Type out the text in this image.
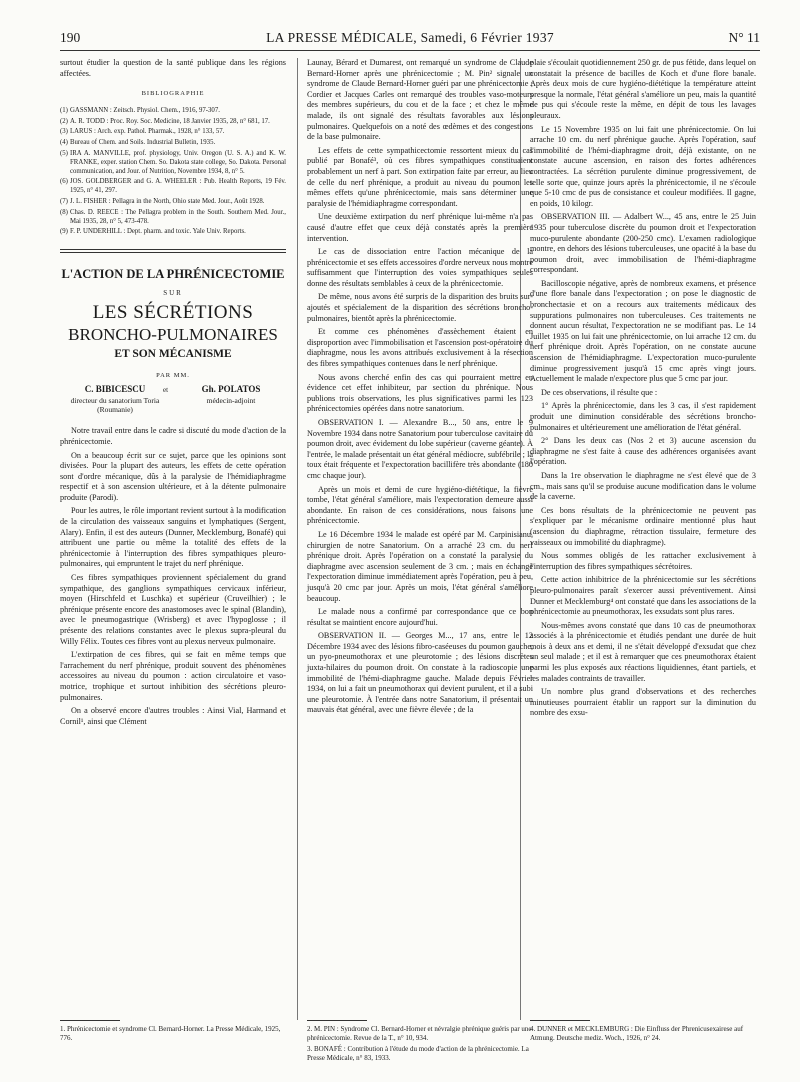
190	LA PRESSE MÉDICALE, Samedi, 6 Février 1937	N° 11

surtout étudier la question de la santé publique dans les régions affectées.

BIBLIOGRAPHIE

(1) GASSMANN : Zeitsch. Physiol. Chem., 1916, 97-307.

(2) A. R. TODD : Proc. Roy. Soc. Medicine, 18 Janvier 1935, 28, n° 681, 17.

(3) LARUS : Arch. exp. Pathol. Pharmak., 1928, n° 133, 57.

(4) Bureau of Chem. and Soils. Industrial Bulletin, 1935.

(5) IRA A. MANVILLE, prof. physiology, Univ. Oregon (U. S. A.) and K. W. FRANKE, exper. station Chem. So. Dakota state college, So. Dakota. Personal communication, and Jour. of Nutrition, Novembre 1934, 8, n° 5.

(6) JOS. GOLDBERGER and G. A. WHEELER : Pub. Health Reports, 19 Fév. 1925, n° 41, 297.

(7) J. L. FISHER : Pellagra in the North, Ohio state Med. Jour., Août 1928.

(8) Chas. D. REECE : The Pellagra problem in the South. Southern Med. Jour., Mai 1935, 28, n° 5, 473-478.

(9) F. P. UNDERHILL : Dept. pharm. and toxic. Yale Univ. Reports.

L'ACTION DE LA PHRÉNICECTOMIE
SUR
LES SÉCRÉTIONS
BRONCHO-PULMONAIRES
ET SON MÉCANISME
PAR MM.
C. BIBICESCU
directeur du sanatorium Toria (Roumanie)
et	Gh. POLATOS
médecin-adjoint

Notre travail entre dans le cadre si discuté du mode d'action de la phrénicectomie.

On a beaucoup écrit sur ce sujet, parce que les opinions sont divisées. Pour la plupart des auteurs, les effets de cette opération sont d'ordre mécanique, dûs à la paralysie de l'hémidiaphragme respectif et à son ascension ultérieure, et à la détente pulmonaire produite (Parodi).

Pour les autres, le rôle important revient surtout à la modification de la circulation des vaisseaux sanguins et lymphatiques (Sergent, Alary). Enfin, il est des auteurs (Dunner, Mecklemburg, Bonafé) qui attribuent une partie ou même la totalité des effets de la phrénicectomie à l'interruption des fibres sympathiques pleuro-pulmonaires, qui empruntent le trajet du nerf phrénique.

Ces fibres sympathiques proviennent spécialement du grand sympathique, des ganglions sympathiques cervicaux inférieur, moyen (Hirschfeld et Luschka) et supérieur (Cruveilhier) ; le phrénique présente encore des anastomoses avec le spinal (Blandin), avec le pneumogastrique (Wrisberg) et avec l'hypoglosse ; il présente des relations constantes avec le plexus supra-pleural du Willy Félix. Toutes ces fibres vont au plexus nerveux pulmonaire.

L'extirpation de ces fibres, qui se fait en même temps que l'arrachement du nerf phrénique, produit souvent des phénomènes accessoires au niveau du poumon : action circulatoire et vaso-motrice, trophique et surtout inhibition des sécrétions pleuro-pulmonaires.

On a observé encore d'autres troubles : Ainsi Vial, Harmand et Cornil¹, ainsi que Clément

Launay, Bérard et Dumarest, ont remarqué un syndrome de Claude Bernard-Horner après une phrénicectomie ; M. Pin² signale un syndrome de Claude Bernard-Horner guéri par une phrénicectomie ; Cordier et Jacques Carles ont remarqué des troubles vaso-moteurs des membres supérieurs, du cou et de la face ; et chez le même malade, ils ont signalé des résultats favorables aux lésions pulmonaires. Quelquefois on a noté des œdèmes et des congestions de la base pulmonaire.

Les effets de cette sympathicectomie ressortent mieux du cas publié par Bonafé³, où ces fibres sympathiques constituaient probablement un nerf à part. Son extirpation faite par erreur, au lieu de celle du nerf phrénique, a produit au niveau du poumon les mêmes effets qu'une phrénicectomie, mais sans déterminer une paralysie de l'hémidiaphragme correspondant.

Une deuxième extirpation du nerf phrénique lui-même n'a pas causé d'autre effet que ceux déjà constatés après la première intervention.

Le cas de dissociation entre l'action mécanique de la phrénicectomie et ses effets accessoires d'ordre nerveux nous montre suffisamment que l'interruption des voies sympathiques seules donne des résultats semblables à ceux de la phrénicectomie.

De même, nous avons été surpris de la disparition des bruits sur-ajoutés et spécialement de la disparition des sécrétions broncho-pulmonaires, bientôt après la phrénicectomie.

Et comme ces phénomènes d'assèchement étaient en disproportion avec l'immobilisation et l'ascension post-opératoire du diaphragme, nous les avons attribués exclusivement à la résection des fibres sympathiques contenues dans le nerf phrénique.

Nous avons cherché enfin des cas qui pourraient mettre en évidence cet effet inhibiteur, par section du phrénique. Nous publions trois observations, les plus significatives parmi les 123 phrénicectomies opérées dans notre sanatorium.

OBSERVATION I. — Alexandre B..., 50 ans, entre le 9 Novembre 1934 dans notre Sanatorium pour tuberculose cavitaire du poumon droit, avec évidement du lobe supérieur (caverne géante). À l'entrée, le malade présentait un état général médiocre, subfébrile ; la toux était fréquente et l'expectoration bacillifère très abondante (180 cmc chaque jour).

Après un mois et demi de cure hygiéno-diététique, la fièvre tombe, l'état général s'améliore, mais l'expectoration demeure aussi abondante. En raison de ces considérations, nous faisons une phrénicectomie.

Le 16 Décembre 1934 le malade est opéré par M. Carpinisianu, chirurgien de notre Sanatorium. On a arraché 23 cm. du nerf phrénique droit. Après l'opération on a constaté la paralysie du diaphragme avec ascension seulement de 3 cm. ; mais en échange l'expectoration diminue immédiatement après l'opération, peu à peu, jusqu'à 20 cmc par jour. Après un mois, l'état général s'améliore beaucoup.

Le malade nous a confirmé par correspondance que ce bon résultat se maintient encore aujourd'hui.

OBSERVATION II. — Georges M..., 17 ans, entre le 12 Décembre 1934 avec des lésions fibro-caséeuses du poumon gauche, un pyo-pneumothorax et une pleurotomie ; des lésions discrètes juxta-hilaires du poumon droit. On constate à la radioscopie une immobilité de l'hémi-diaphragme gauche. Malade depuis Février 1934, on lui a fait un pneumothorax qui devient purulent, et il a subi une pleurotomie. À l'entrée dans notre Sanatorium, il présentait un mauvais état général, avec une fièvre élevée ; de la

plaie s'écoulait quotidiennement 250 gr. de pus fétide, dans lequel on constatait la présence de bacilles de Koch et d'une flore banale. Après deux mois de cure hygiéno-diététique la température atteint presque la normale, l'état général s'améliore un peu, mais la quantité de pus qui s'écoule reste la même, en dépit de tous les lavages pleuraux.

Le 15 Novembre 1935 on lui fait une phrénicectomie. On lui arrache 10 cm. du nerf phrénique gauche. Après l'opération, sauf l'immobilité de l'hémi-diaphragme droit, déjà existante, on ne constate aucune ascension, en raison des fortes adhérences contractées. La sécrétion purulente diminue progressivement, de telle sorte que, quinze jours après la phrénicectomie, il ne s'écoule que 5-10 cmc de pus de consistance et couleur modifiées. Il gagne, en poids, 10 kilogr.

OBSERVATION III. — Adalbert W..., 45 ans, entre le 25 Juin 1935 pour tuberculose discrète du poumon droit et l'expectoration muco-purulente abondante (200-250 cmc). L'examen radiologique montre, en dehors des lésions tuberculeuses, une opacité à la base du poumon droit, avec immobilisation de l'hémi-diaphragme correspondant.

Bacilloscopie négative, après de nombreux examens, et présence d'une flore banale dans l'expectoration ; on pose le diagnostic de bronchectasie et on a recours aux traitements médicaux des suppurations pulmonaires non tuberculeuses. Ces traitements ne donnent aucun résultat, l'expectoration ne se modifiant pas. Le 14 Juillet 1935 on lui fait une phrénicectomie, on lui arrache 12 cm. du nerf phrénique droit. Après l'opération, on ne constate aucune ascension de l'hémidiaphragme. L'expectoration muco-purulente diminue progressivement jusqu'à 15 cmc après vingt jours. Actuellement le malade n'expectore plus que 5 cmc par jour.

De ces observations, il résulte que :

1° Après la phrénicectomie, dans les 3 cas, il s'est rapidement produit une diminution considérable des sécrétions broncho-pulmonaires et ultérieurement une amélioration de l'état général.

2° Dans les deux cas (Nos 2 et 3) aucune ascension du diaphragme ne s'est faite à cause des adhérences organisées avant l'opération.

Dans la 1re observation le diaphragme ne s'est élevé que de 3 cm., mais sans qu'il se produise aucune modification dans le volume de la caverne.

Ces bons résultats de la phrénicectomie ne peuvent pas s'expliquer par le mécanisme ordinaire mentionné plus haut (ascension du diaphragme, rétraction tissulaire, fermeture des vaisseaux ou immobilité du diaphragme).

Nous sommes obligés de les rattacher exclusivement à l'interruption des fibres sympathiques sécrétoires.

Cette action inhibitrice de la phrénicectomie sur les sécrétions pleuro-pulmonaires paraît s'exercer aussi préventivement. Ainsi Dunner et Mecklemburg⁴ ont constaté que dans les associations de la phrénicectomie au pneumothorax, les exsudats sont plus rares.

Nous-mêmes avons constaté que dans 10 cas de pneumothorax associés à la phrénicectomie et étudiés pendant une durée de huit mois à deux ans et demi, il ne s'était développé d'exsudat que chez un seul malade ; et il est à remarquer que ces pneumothorax étaient parmi les plus exposés aux réactions liquidiennes, étant partiels, et les malades contraints de travailler.

Un nombre plus grand d'observations et des recherches minutieuses pourraient établir un rapport sur la diminution du nombre des exsu-

1. Phrénicectomie et syndrome Cl. Bernard-Horner. La Presse Médicale, 1925, 776.

2. M. PIN : Syndrome Cl. Bernard-Horner et névralgie phrénique guéris par une phrénicectomie. Revue de la T., n° 10, 934.

3. BONAFÉ : Contribution à l'étude du mode d'action de la phrénicectomie. La Presse Médicale, n° 83, 1933.

4. DUNNER et MECKLEMBURG : Die Einfluss der Phrenicusexairese auf Atmung. Deutsche mediz. Woch., 1926, n° 24.
